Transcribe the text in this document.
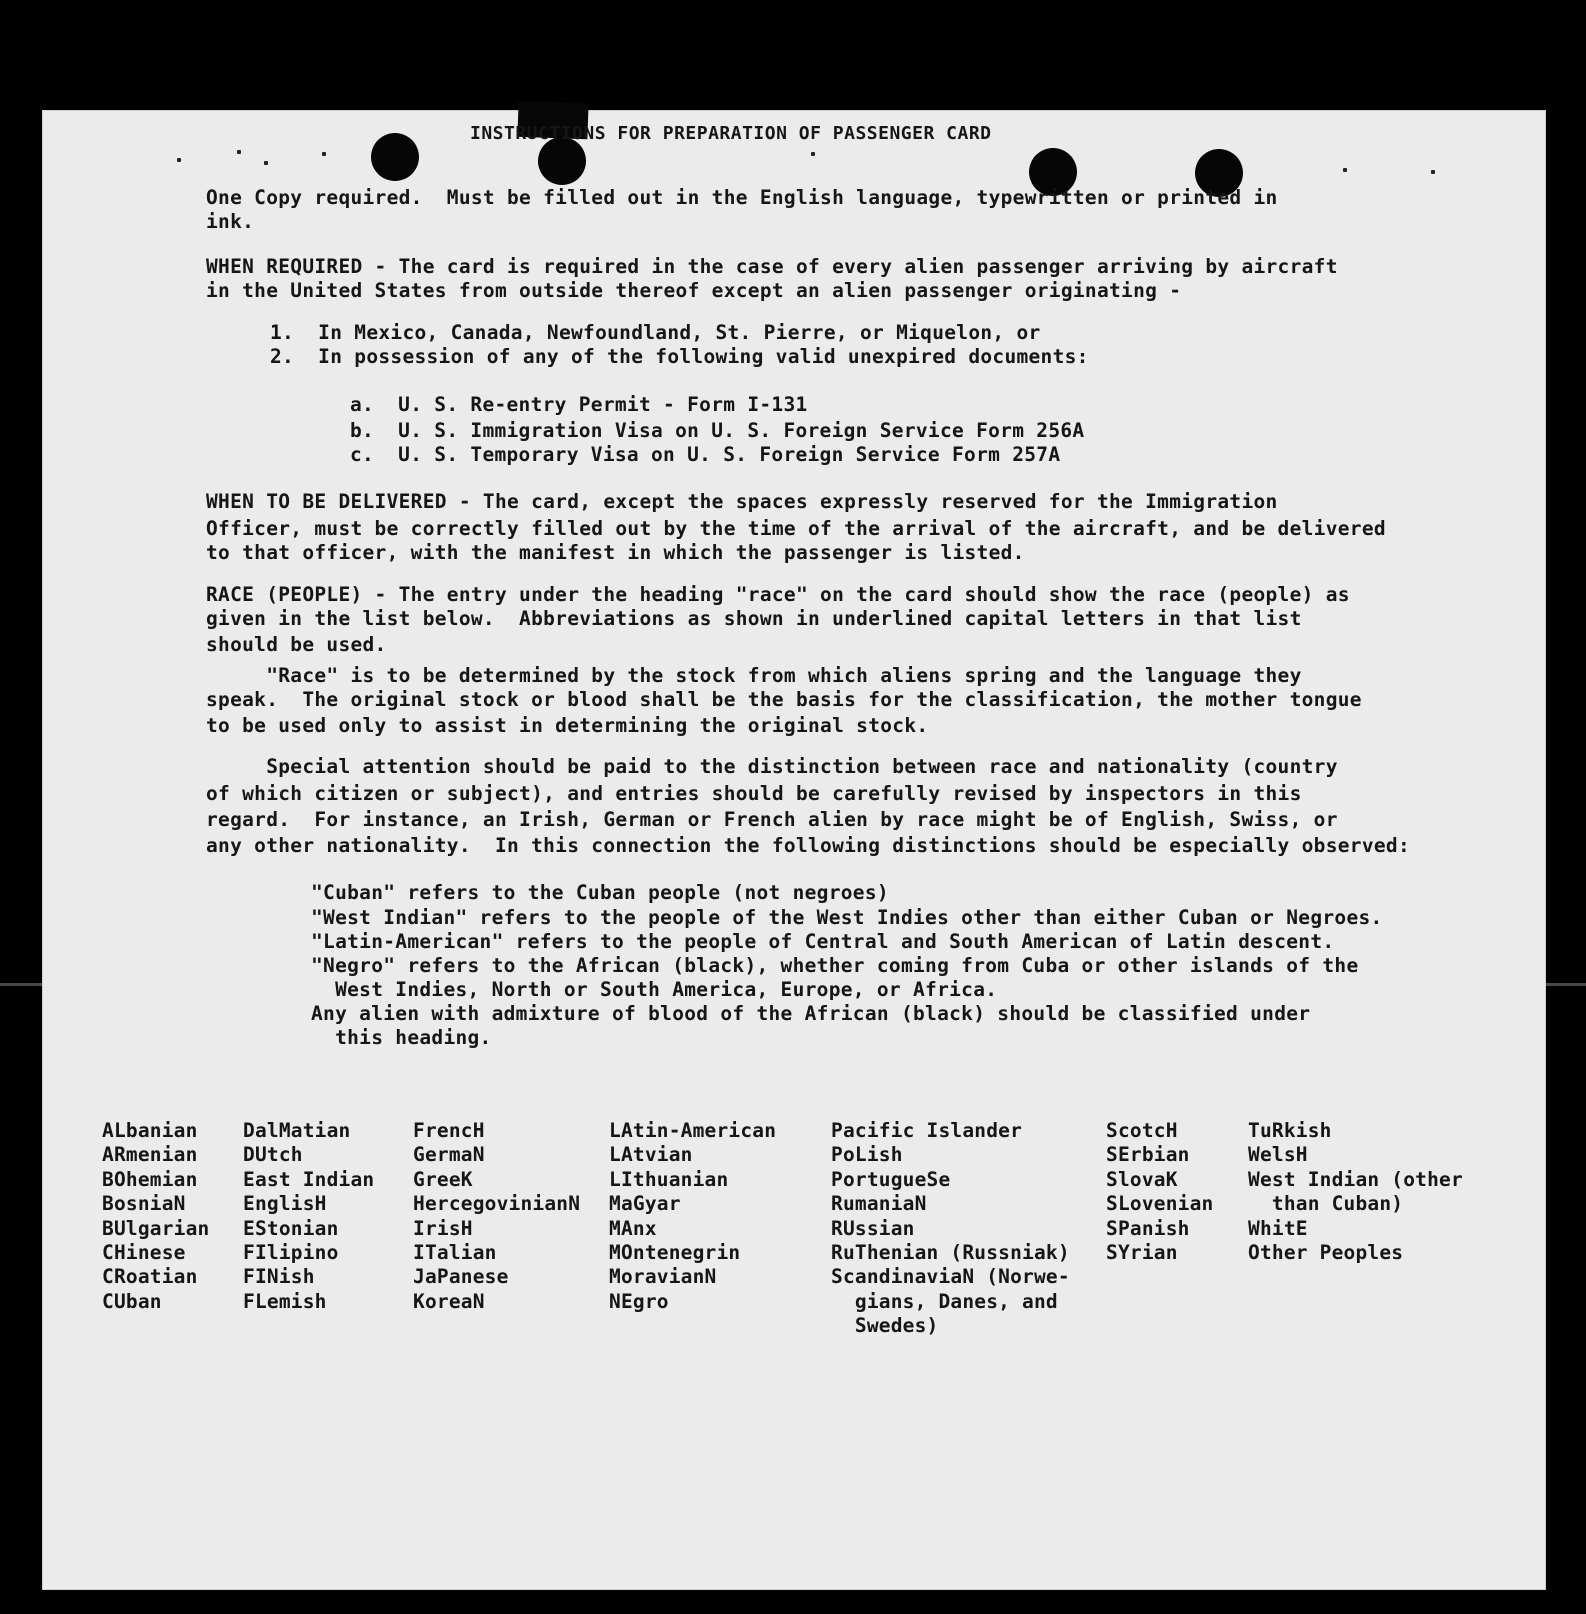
INSTRUCTIONS FOR PREPARATION OF PASSENGER CARD
One Copy required.  Must be filled out in the English language, typewritten or printed in
ink.
WHEN REQUIRED - The card is required in the case of every alien passenger arriving by aircraft
in the United States from outside thereof except an alien passenger originating -
1.  In Mexico, Canada, Newfoundland, St. Pierre, or Miquelon, or
2.  In possession of any of the following valid unexpired documents:
a.  U. S. Re-entry Permit - Form I-131
b.  U. S. Immigration Visa on U. S. Foreign Service Form 256A
c.  U. S. Temporary Visa on U. S. Foreign Service Form 257A
WHEN TO BE DELIVERED - The card, except the spaces expressly reserved for the Immigration
Officer, must be correctly filled out by the time of the arrival of the aircraft, and be delivered
to that officer, with the manifest in which the passenger is listed.
RACE (PEOPLE) - The entry under the heading "race" on the card should show the race (people) as
given in the list below.  Abbreviations as shown in underlined capital letters in that list
should be used.
"Race" is to be determined by the stock from which aliens spring and the language they
speak.  The original stock or blood shall be the basis for the classification, the mother tongue
to be used only to assist in determining the original stock.
Special attention should be paid to the distinction between race and nationality (country
of which citizen or subject), and entries should be carefully revised by inspectors in this
regard.  For instance, an Irish, German or French alien by race might be of English, Swiss, or
any other nationality.  In this connection the following distinctions should be especially observed:
"Cuban" refers to the Cuban people (not negroes)
"West Indian" refers to the people of the West Indies other than either Cuban or Negroes.
"Latin-American" refers to the people of Central and South American of Latin descent.
"Negro" refers to the African (black), whether coming from Cuba or other islands of the
West Indies, North or South America, Europe, or Africa.
Any alien with admixture of blood of the African (black) should be classified under
this heading.
ALbanian
ARmenian
BOhemian
BosniaN
BUlgarian
CHinese
CRoatian
CUban
DalMatian
DUtch
East Indian
EnglisH
EStonian
FIlipino
FINish
FLemish
FrencH
GermaN
GreeK
HercegovinianN
IrisH
ITalian
JaPanese
KoreaN
LAtin-American
LAtvian
LIthuanian
MaGyar
MAnx
MOntenegrin
MoravianN
NEgro
Pacific Islander
PoLish
PortugueSe
RumaniaN
RUssian
RuThenian (Russniak)
ScandinaviaN (Norwe-
gians, Danes, and
Swedes)
ScotcH
SErbian
SlovaK
SLovenian
SPanish
SYrian
TuRkish
WelsH
West Indian (other
than Cuban)
WhitE
Other Peoples
